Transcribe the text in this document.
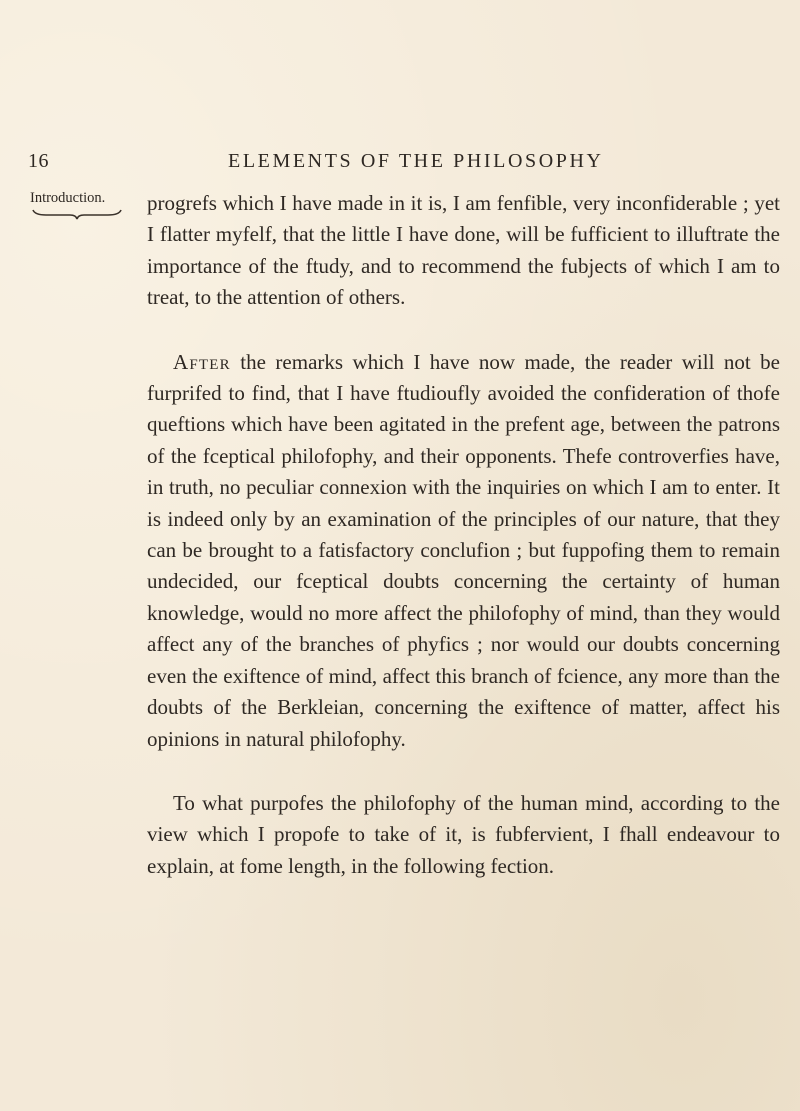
16	ELEMENTS OF THE PHILOSOPHY
Introduction.	progrefs which I have made in it is, I am fenfible, very inconfiderable ; yet I flatter myfelf, that the little I have done, will be fufficient to illuftrate the importance of the ftudy, and to recommend the fubjects of which I am to treat, to the attention of others.

After the remarks which I have now made, the reader will not be furprifed to find, that I have ftudioufly avoided the confideration of thofe queftions which have been agitated in the prefent age, between the patrons of the fceptical philofophy, and their opponents. Thefe controverfies have, in truth, no peculiar connexion with the inquiries on which I am to enter. It is indeed only by an examination of the principles of our nature, that they can be brought to a fatisfactory conclufion ; but fuppofing them to remain undecided, our fceptical doubts concerning the certainty of human knowledge, would no more affect the philofophy of mind, than they would affect any of the branches of phyfics ; nor would our doubts concerning even the exiftence of mind, affect this branch of fcience, any more than the doubts of the Berkleian, concerning the exiftence of matter, affect his opinions in natural philofophy.

To what purpofes the philofophy of the human mind, according to the view which I propofe to take of it, is fubfervient, I fhall endeavour to explain, at fome length, in the following fection.
